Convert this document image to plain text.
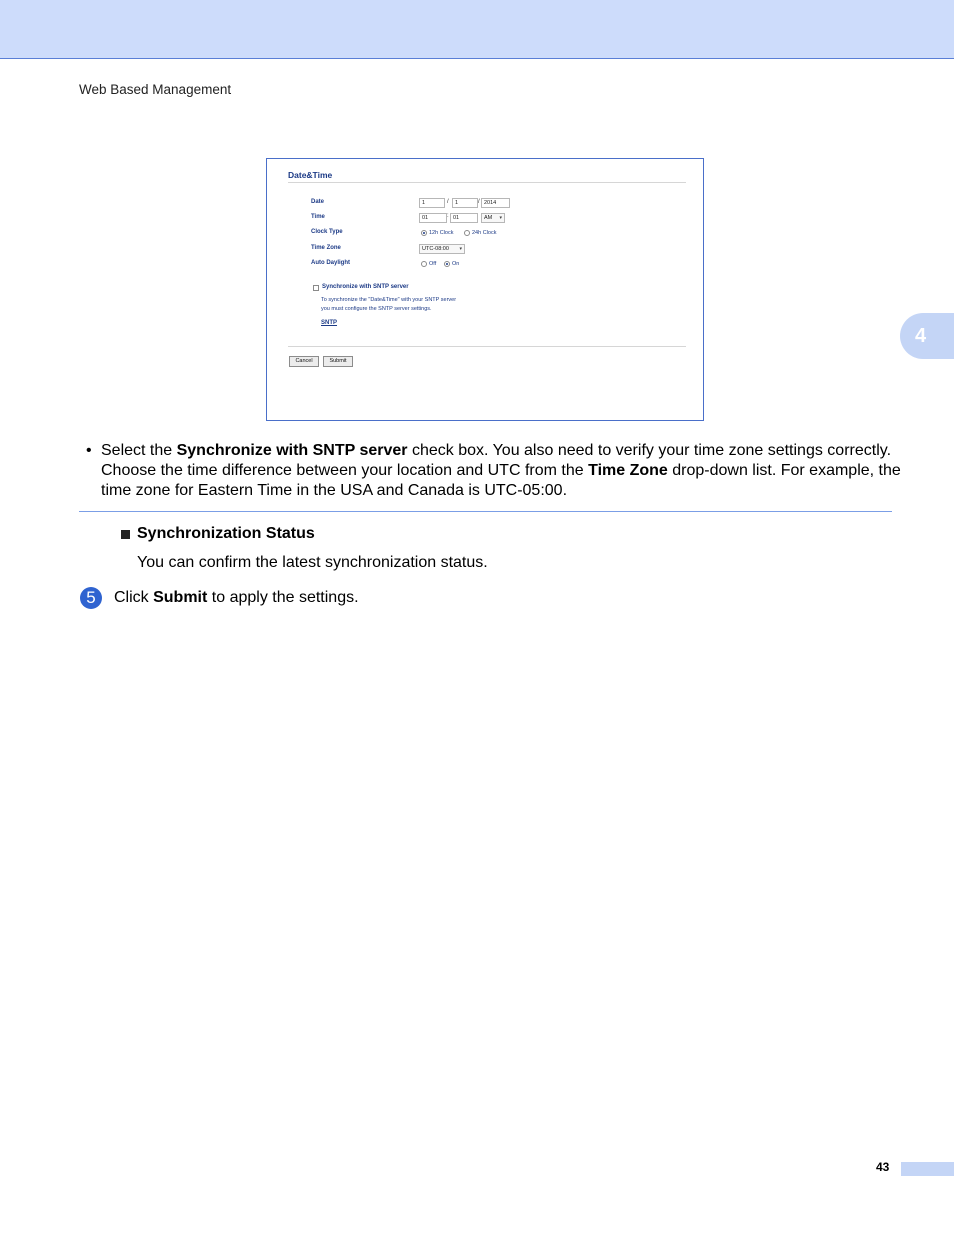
Web Based Management
4
Date&Time
Date	1	/	1	/ 2014
Time	01	: 01	AM ▾
Clock Type	12h Clock	24h Clock
Time Zone	UTC-08:00 ▾
Auto Daylight	Off	On
Synchronize with SNTP server
To synchronize the "Date&Time" with your SNTP server
you must configure the SNTP server settings.
SNTP
Cancel	Submit
• Select the Synchronize with SNTP server check box. You also need to verify your time zone settings correctly. Choose the time difference between your location and UTC from the Time Zone drop-down list. For example, the time zone for Eastern Time in the USA and Canada is UTC-05:00.
Synchronization Status
You can confirm the latest synchronization status.
5	Click Submit to apply the settings.
43
